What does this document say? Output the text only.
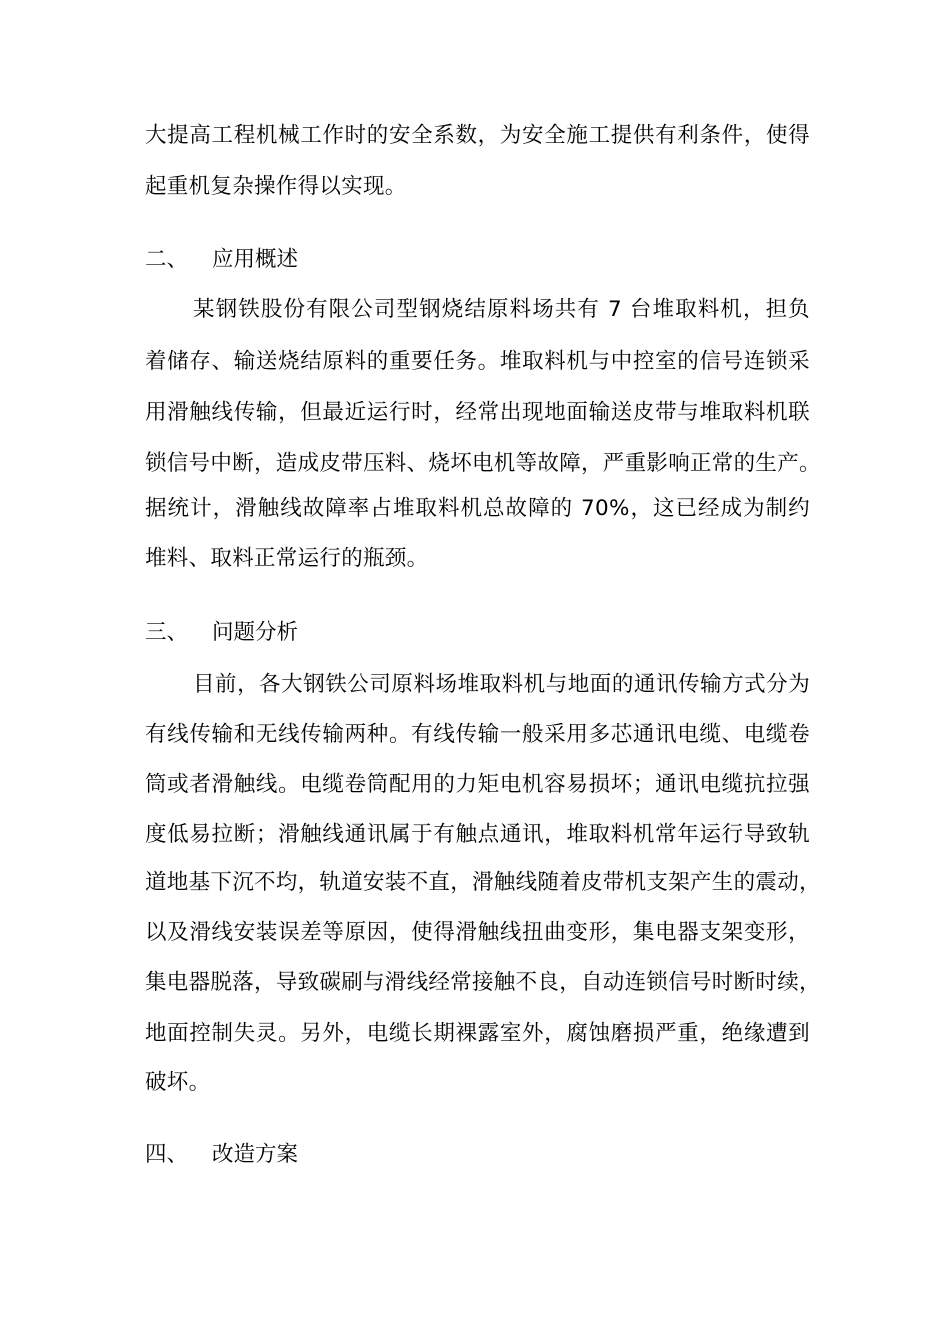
大提高工程机械工作时的安全系数，为安全施工提供有利条件，使得
起重机复杂操作得以实现。
二、 应用概述
某钢铁股份有限公司型钢烧结原料场共有 7 台堆取料机，担负
着储存、输送烧结原料的重要任务。堆取料机与中控室的信号连锁采
用滑触线传输，但最近运行时，经常出现地面输送皮带与堆取料机联
锁信号中断，造成皮带压料、烧坏电机等故障，严重影响正常的生产。
据统计，滑触线故障率占堆取料机总故障的 70%，这已经成为制约
堆料、取料正常运行的瓶颈。
三、 问题分析
目前，各大钢铁公司原料场堆取料机与地面的通讯传输方式分为
有线传输和无线传输两种。有线传输一般采用多芯通讯电缆、电缆卷
筒或者滑触线。电缆卷筒配用的力矩电机容易损坏；通讯电缆抗拉强
度低易拉断；滑触线通讯属于有触点通讯，堆取料机常年运行导致轨
道地基下沉不均，轨道安装不直，滑触线随着皮带机支架产生的震动，
以及滑线安装误差等原因，使得滑触线扭曲变形，集电器支架变形，
集电器脱落，导致碳刷与滑线经常接触不良，自动连锁信号时断时续，
地面控制失灵。另外，电缆长期裸露室外，腐蚀磨损严重，绝缘遭到
破坏。
四、 改造方案
